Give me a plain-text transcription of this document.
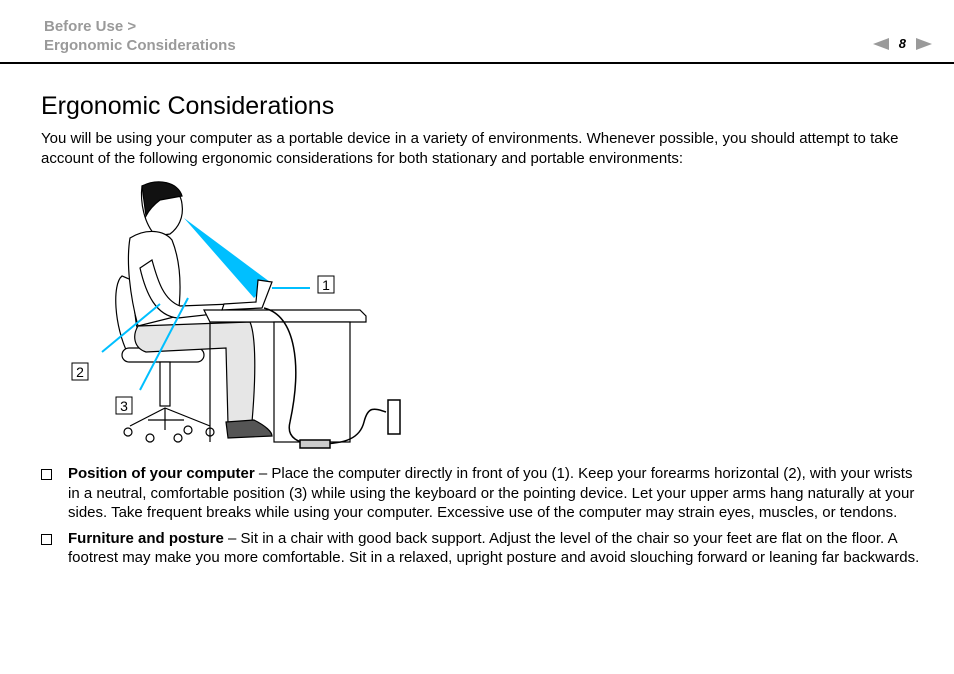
Before Use >
Ergonomic Considerations	8
Ergonomic Considerations

You will be using your computer as a portable device in a variety of environments. Whenever possible, you should attempt to take account of the following ergonomic considerations for both stationary and portable environments:

1
2
3
Position of your computer – Place the computer directly in front of you (1). Keep your forearms horizontal (2), with your wrists in a neutral, comfortable position (3) while using the keyboard or the pointing device. Let your upper arms hang naturally at your sides. Take frequent breaks while using your computer. Excessive use of the computer may strain eyes, muscles, or tendons.
Furniture and posture – Sit in a chair with good back support. Adjust the level of the chair so your feet are flat on the floor. A footrest may make you more comfortable. Sit in a relaxed, upright posture and avoid slouching forward or leaning far backwards.
